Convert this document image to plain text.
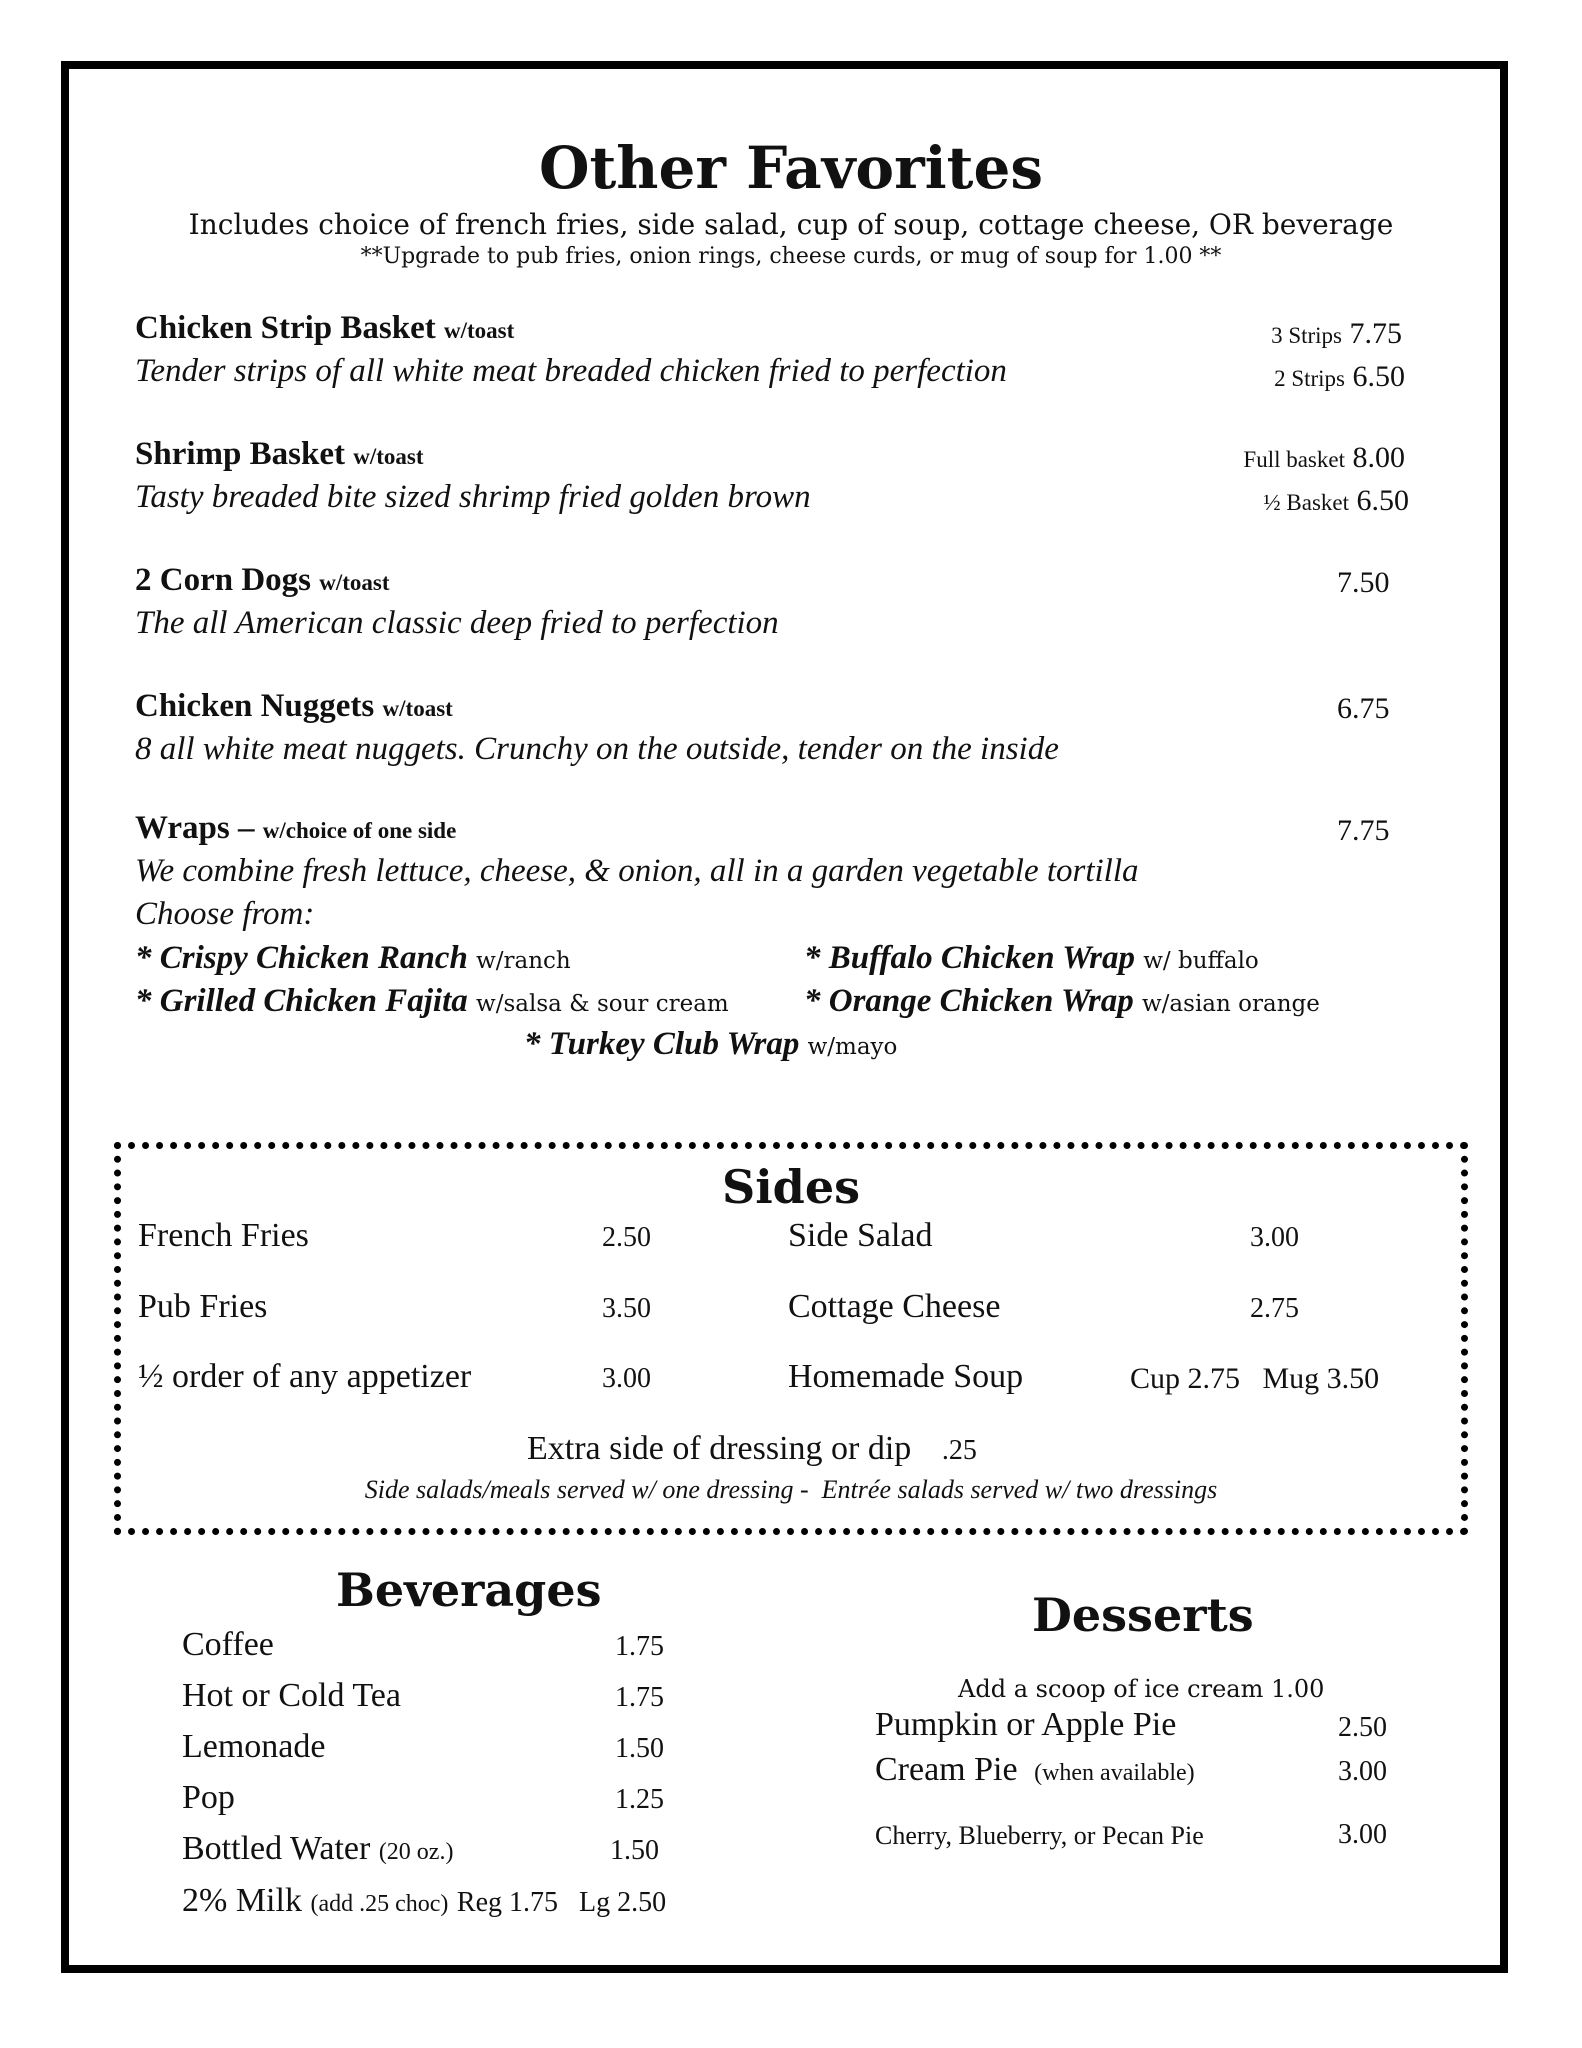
Other Favorites
Includes choice of french fries, side salad, cup of soup, cottage cheese, OR beverage
**Upgrade to pub fries, onion rings, cheese curds, or mug of soup for 1.00 **
Chicken Strip Basket w/toast
Tender strips of all white meat breaded chicken fried to perfection
3 Strips 7.75
2 Strips 6.50
Shrimp Basket w/toast
Tasty breaded bite sized shrimp fried golden brown
Full basket 8.00
½ Basket 6.50
2 Corn Dogs w/toast
The all American classic deep fried to perfection
7.50
Chicken Nuggets w/toast
8 all white meat nuggets. Crunchy on the outside, tender on the inside
6.75
Wraps – w/choice of one side
We combine fresh lettuce, cheese, & onion, all in a garden vegetable tortilla
7.75
Choose from:
* Crispy Chicken Ranch w/ranch	* Buffalo Chicken Wrap w/ buffalo
* Grilled Chicken Fajita w/salsa & sour cream * Orange Chicken Wrap w/asian orange
* Turkey Club Wrap w/mayo
Sides
French Fries	2.50
Pub Fries	3.50
½ order of any appetizer	3.00
Side Salad	3.00
Cottage Cheese	2.75
Homemade Soup	Cup 2.75   Mug 3.50
Extra side of dressing or dip .25
Side salads/meals served w/ one dressing -  Entrée salads served w/ two dressings
Beverages
Coffee	1.75
Hot or Cold Tea	1.75
Lemonade	1.50
Pop	1.25
Bottled Water (20 oz.)	1.50
2% Milk (add .25 choc) Reg 1.75   Lg 2.50
Desserts
Add a scoop of ice cream 1.00
Pumpkin or Apple Pie	2.50
Cream Pie (when available)	3.00
Cherry, Blueberry, or Pecan Pie	3.00
